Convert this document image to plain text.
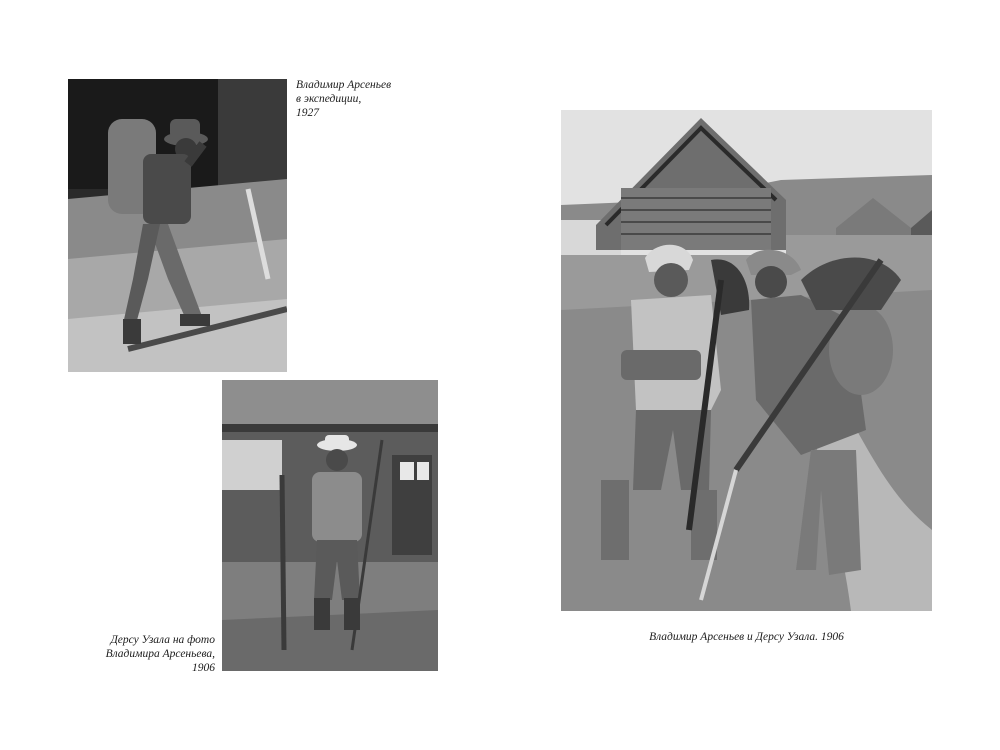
Владимир Арсеньев
в экспедиции,
1927
Дерсу Узала на фото
Владимира Арсеньева,
1906
Владимир Арсеньев и Дерсу Узала. 1906
